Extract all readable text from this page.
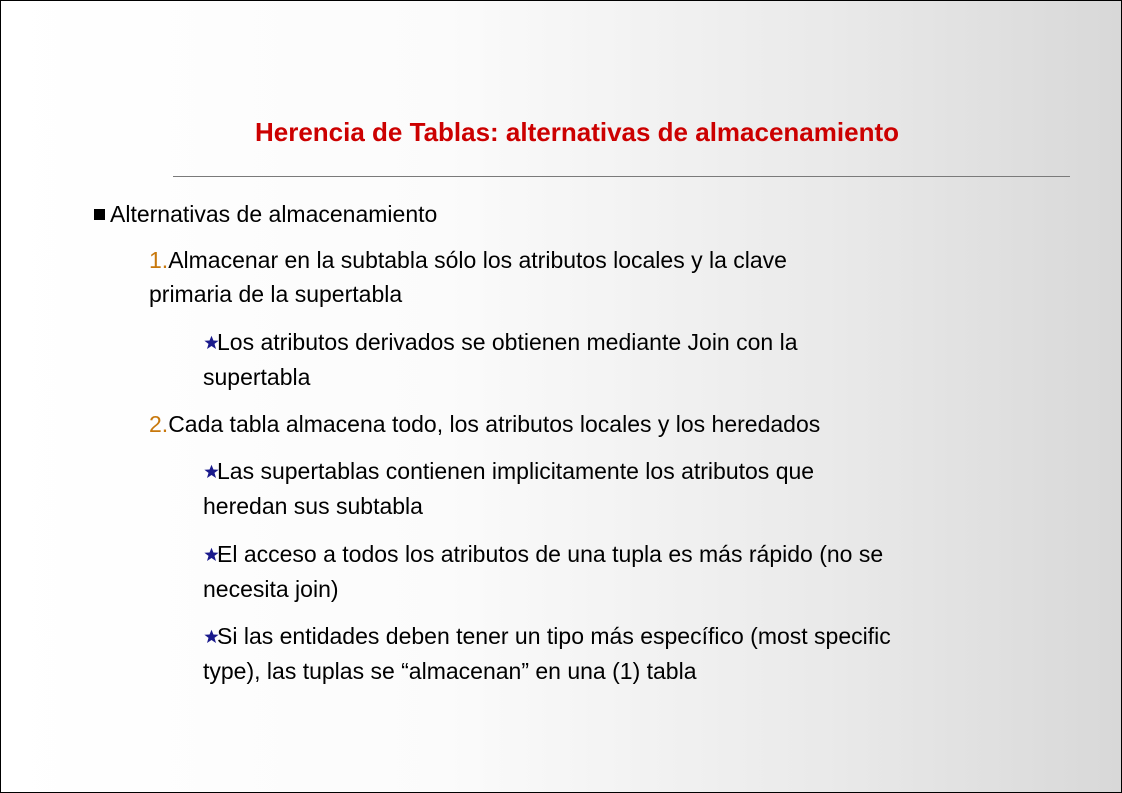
Herencia de Tablas: alternativas de almacenamiento
Alternativas de almacenamiento
1.Almacenar en la subtabla sólo los atributos locales y la clave
primaria de la supertabla
Los atributos derivados se obtienen mediante Join con la
supertabla
2.Cada tabla almacena todo, los atributos locales y los heredados
Las supertablas contienen implicitamente los atributos que
heredan sus subtabla
El acceso a todos los atributos de una tupla es más rápido (no se
necesita join)
Si las entidades deben tener un tipo más específico (most specific
type), las tuplas se “almacenan” en una (1) tabla
